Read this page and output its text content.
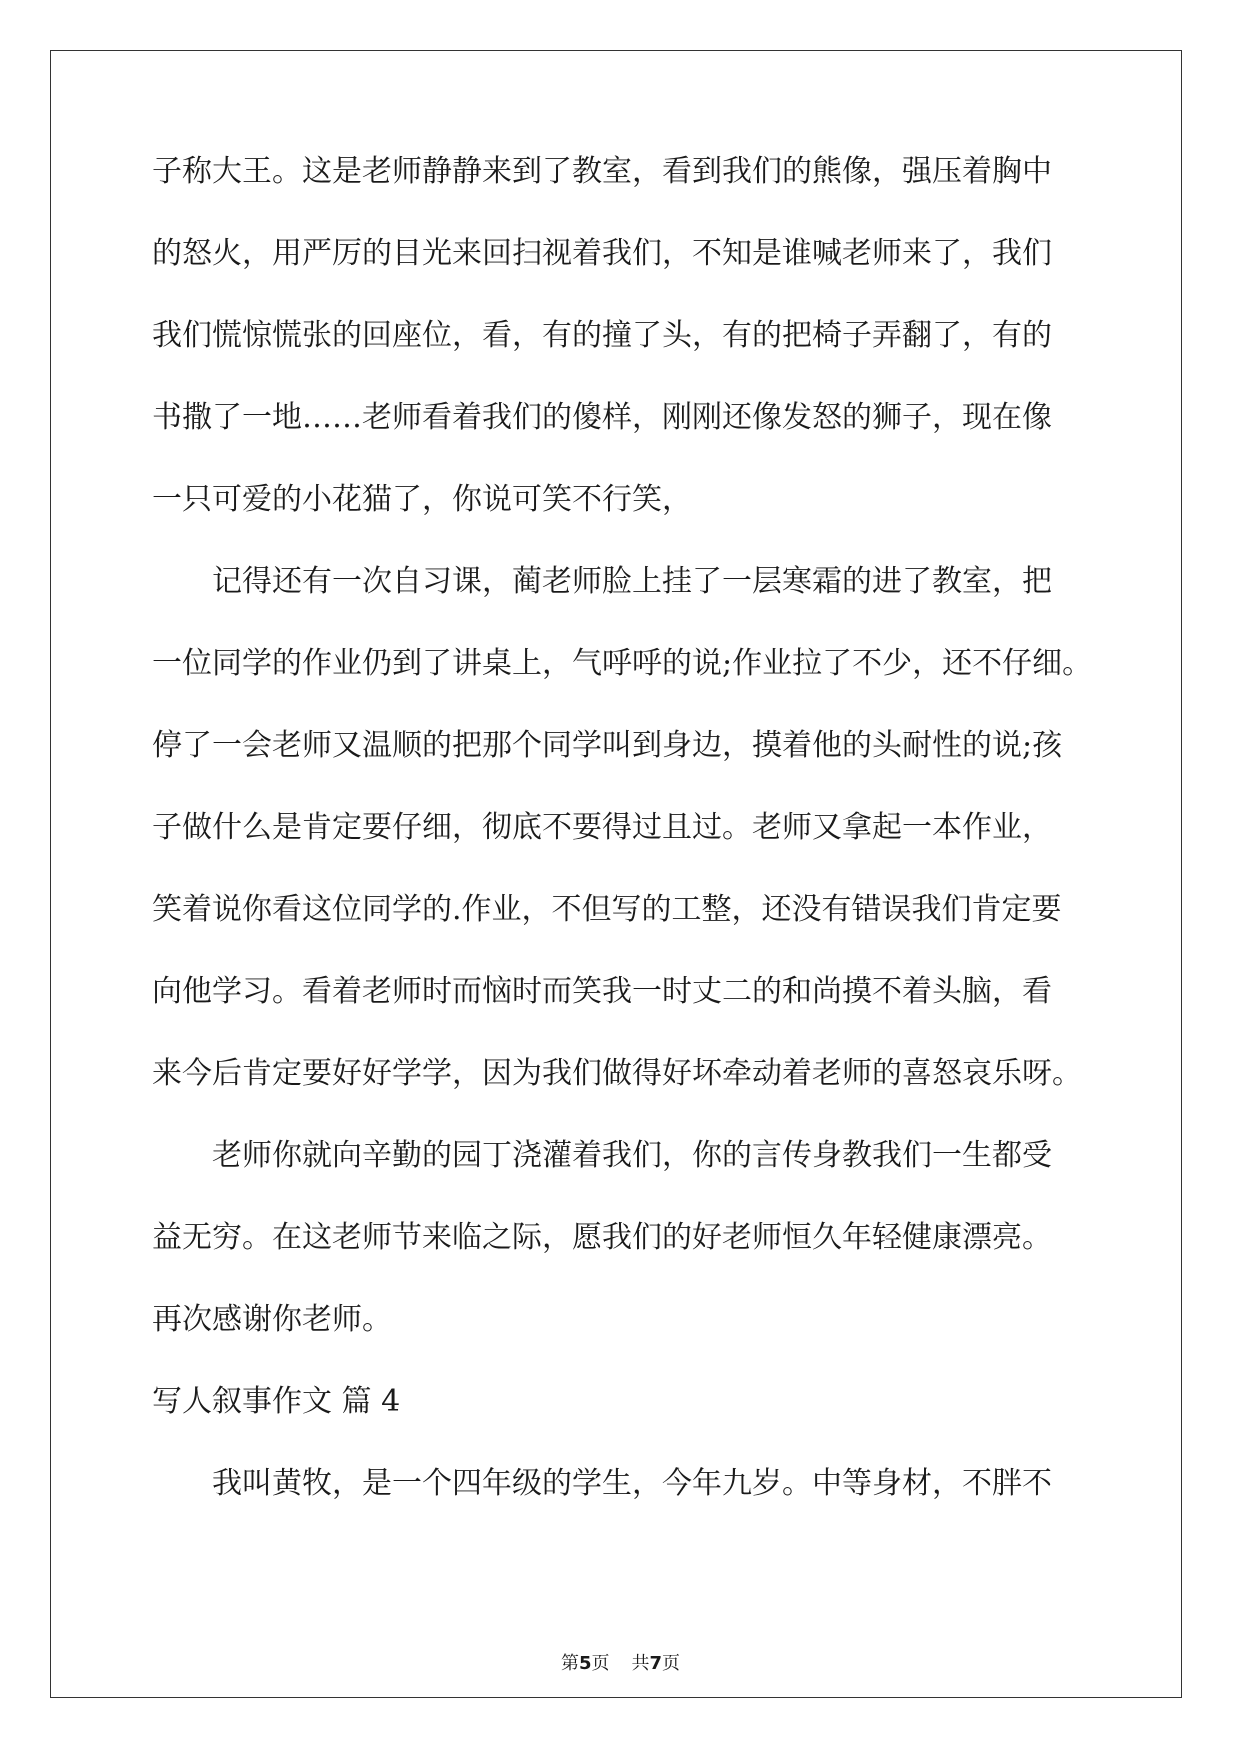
子称大王。这是老师静静来到了教室，看到我们的熊像，强压着胸中
的怒火，用严厉的目光来回扫视着我们，不知是谁喊老师来了，我们
我们慌惊慌张的回座位，看，有的撞了头，有的把椅子弄翻了，有的
书撒了一地……老师看着我们的傻样，刚刚还像发怒的狮子，现在像
一只可爱的小花猫了，你说可笑不行笑，
记得还有一次自习课，蔺老师脸上挂了一层寒霜的进了教室，把
一位同学的作业仍到了讲桌上，气呼呼的说;作业拉了不少，还不仔细。
停了一会老师又温顺的把那个同学叫到身边，摸着他的头耐性的说;孩
子做什么是肯定要仔细，彻底不要得过且过。老师又拿起一本作业，
笑着说你看这位同学的.作业，不但写的工整，还没有错误我们肯定要
向他学习。看着老师时而恼时而笑我一时丈二的和尚摸不着头脑，看
来今后肯定要好好学学，因为我们做得好坏牵动着老师的喜怒哀乐呀。
老师你就向辛勤的园丁浇灌着我们，你的言传身教我们一生都受
益无穷。在这老师节来临之际，愿我们的好老师恒久年轻健康漂亮。
再次感谢你老师。
写人叙事作文 篇 4
我叫黄牧，是一个四年级的学生，今年九岁。中等身材，不胖不
第5页 共7页
